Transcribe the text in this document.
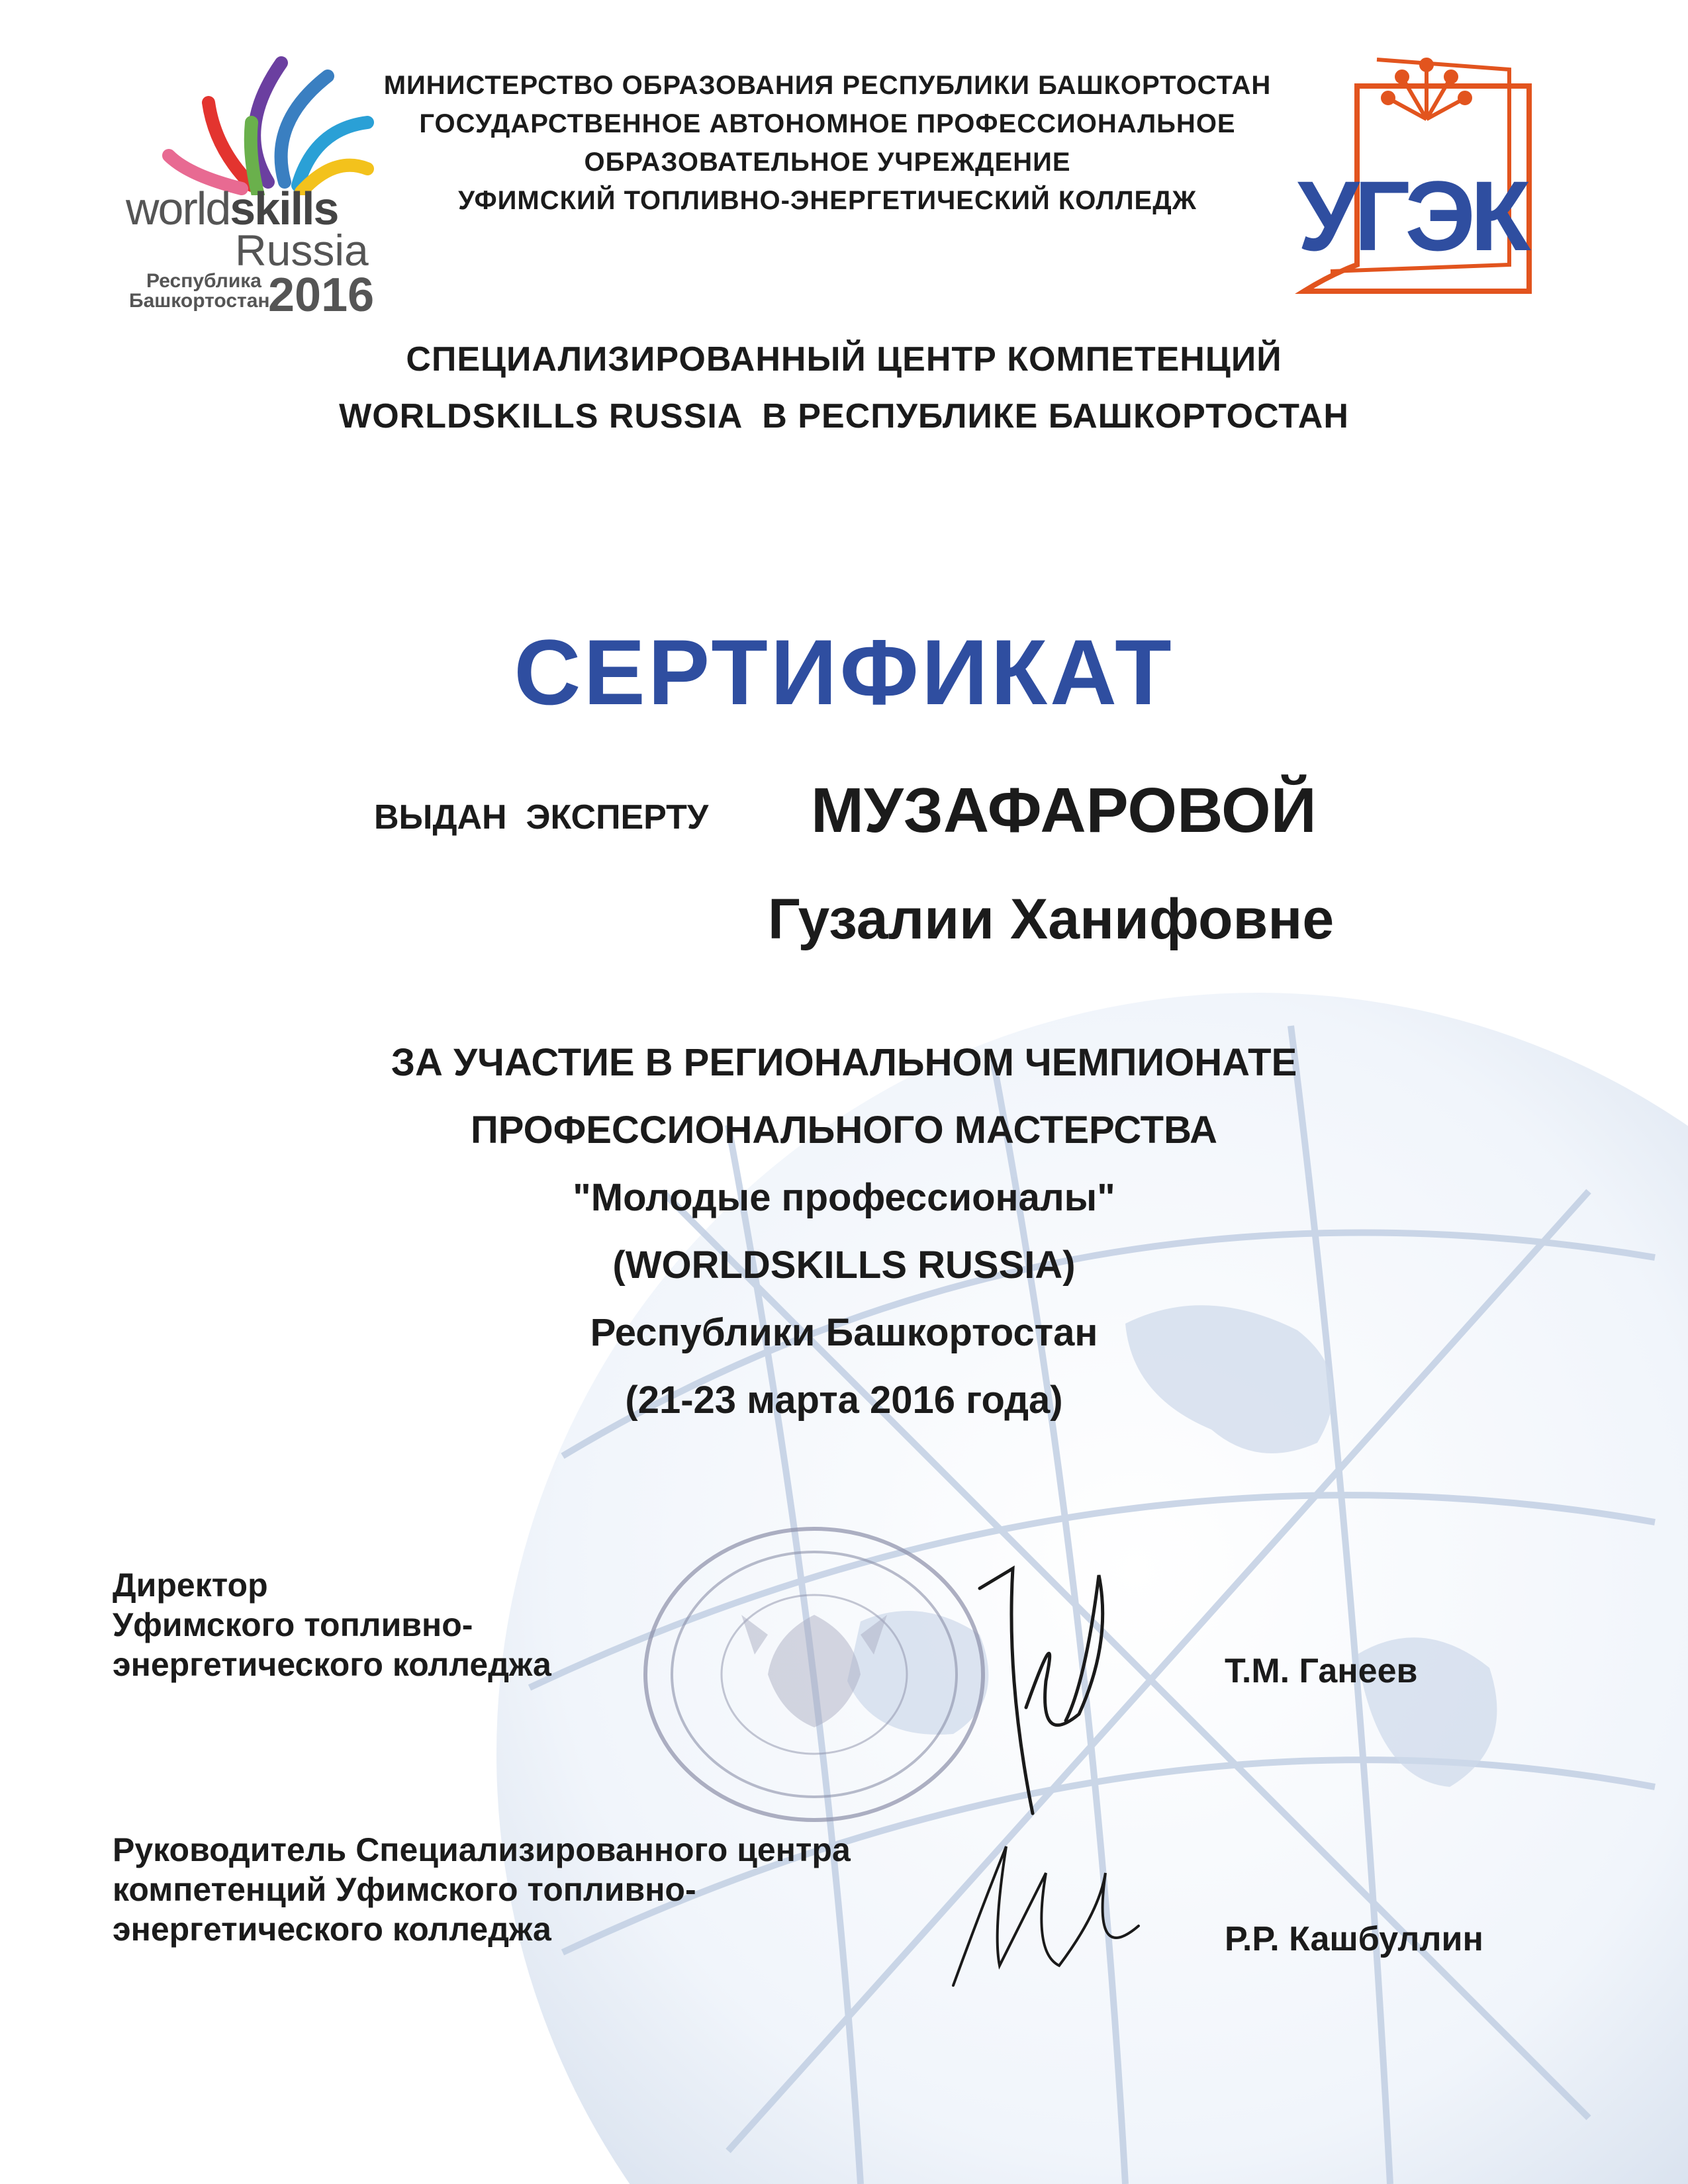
worldskills
Russia
Республика
Башкортостан
2016
МИНИСТЕРСТВО ОБРАЗОВАНИЯ РЕСПУБЛИКИ БАШКОРТОСТАН
ГОСУДАРСТВЕННОЕ АВТОНОМНОЕ ПРОФЕССИОНАЛЬНОЕ
ОБРАЗОВАТЕЛЬНОЕ УЧРЕЖДЕНИЕ
УФИМСКИЙ ТОПЛИВНО-ЭНЕРГЕТИЧЕСКИЙ КОЛЛЕДЖ	УГЭК
СПЕЦИАЛИЗИРОВАННЫЙ ЦЕНТР КОМПЕТЕНЦИЙ
WORLDSKILLS RUSSIA  В РЕСПУБЛИКЕ БАШКОРТОСТАН
СЕРТИФИКАТ
ВЫДАН  ЭКСПЕРТУ МУЗАФАРОВОЙ
Гузалии Ханифовне
ЗА УЧАСТИЕ В РЕГИОНАЛЬНОМ ЧЕМПИОНАТЕ
ПРОФЕССИОНАЛЬНОГО МАСТЕРСТВА
"Молодые профессионалы"
(WORLDSKILLS RUSSIA)
Республики Башкортостан
(21-23 марта 2016 года)
Директор
Уфимского топливно-
энергетического колледжа	Т.М. Ганеев
Руководитель Специализированного центра
компетенций Уфимского топливно-
энергетического колледжа	Р.Р. Кашбуллин
